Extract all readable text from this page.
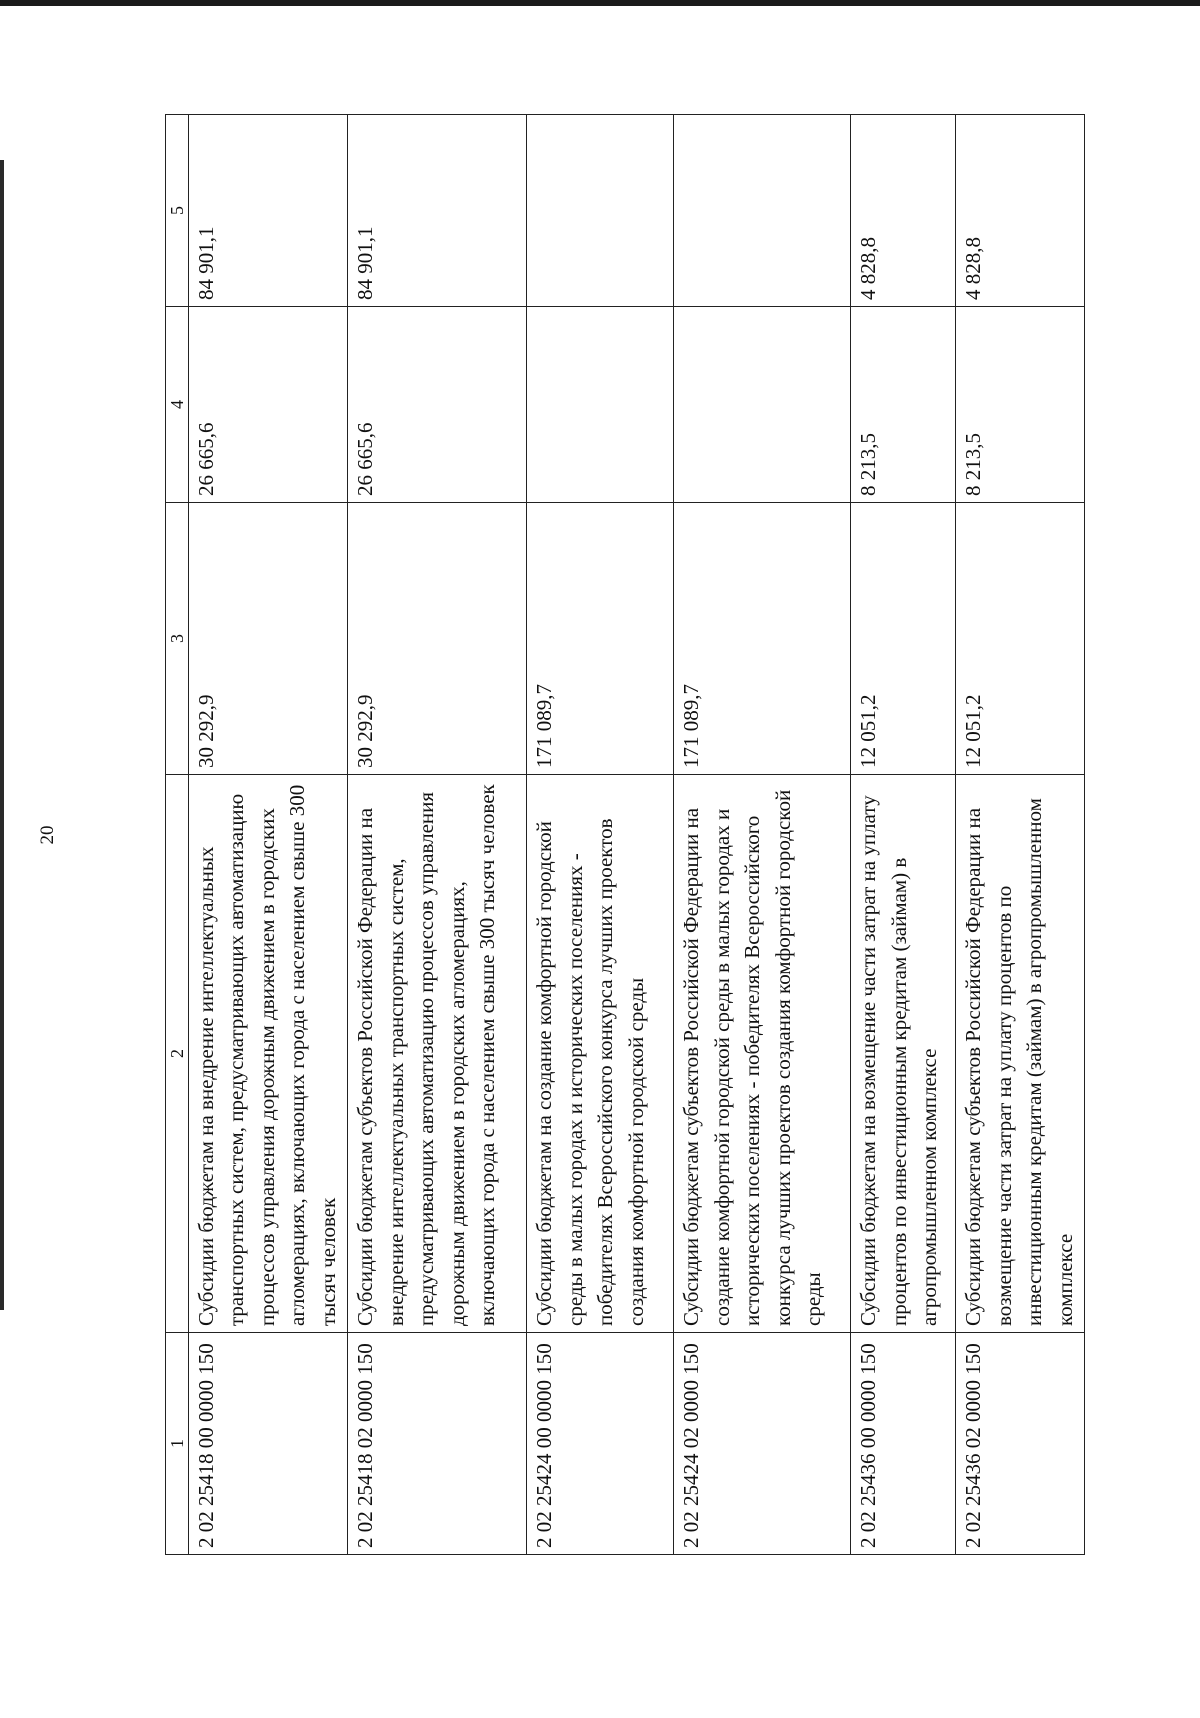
20
1	2	3	4	5
2 02 25418 00 0000 150	Субсидии бюджетам на внедрение интеллектуальных транспортных систем, предусматривающих автоматизацию процессов управления дорожным движением в городских агломерациях, включающих города с населением свыше 300 тысяч человек	30 292,9	26 665,6	84 901,1
2 02 25418 02 0000 150	Субсидии бюджетам субъектов Российской Федерации на внедрение интеллектуальных транспортных систем, предусматривающих автоматизацию процессов управления дорожным движением в городских агломерациях, включающих города с населением свыше 300 тысяч человек	30 292,9	26 665,6	84 901,1
2 02 25424 00 0000 150	Субсидии бюджетам на создание комфортной городской среды в малых городах и исторических поселениях - победителях Всероссийского конкурса лучших проектов создания комфортной городской среды	171 089,7		
2 02 25424 02 0000 150	Субсидии бюджетам субъектов Российской Федерации на создание комфортной городской среды в малых городах и исторических поселениях - победителях Всероссийского конкурса лучших проектов создания комфортной городской среды	171 089,7		
2 02 25436 00 0000 150	Субсидии бюджетам на возмещение части затрат на уплату процентов по инвестиционным кредитам (займам) в агропромышленном комплексе	12 051,2	8 213,5	4 828,8
2 02 25436 02 0000 150	Субсидии бюджетам субъектов Российской Федерации на возмещение части затрат на уплату процентов по инвестиционным кредитам (займам) в агропромышленном комплексе	12 051,2	8 213,5	4 828,8
